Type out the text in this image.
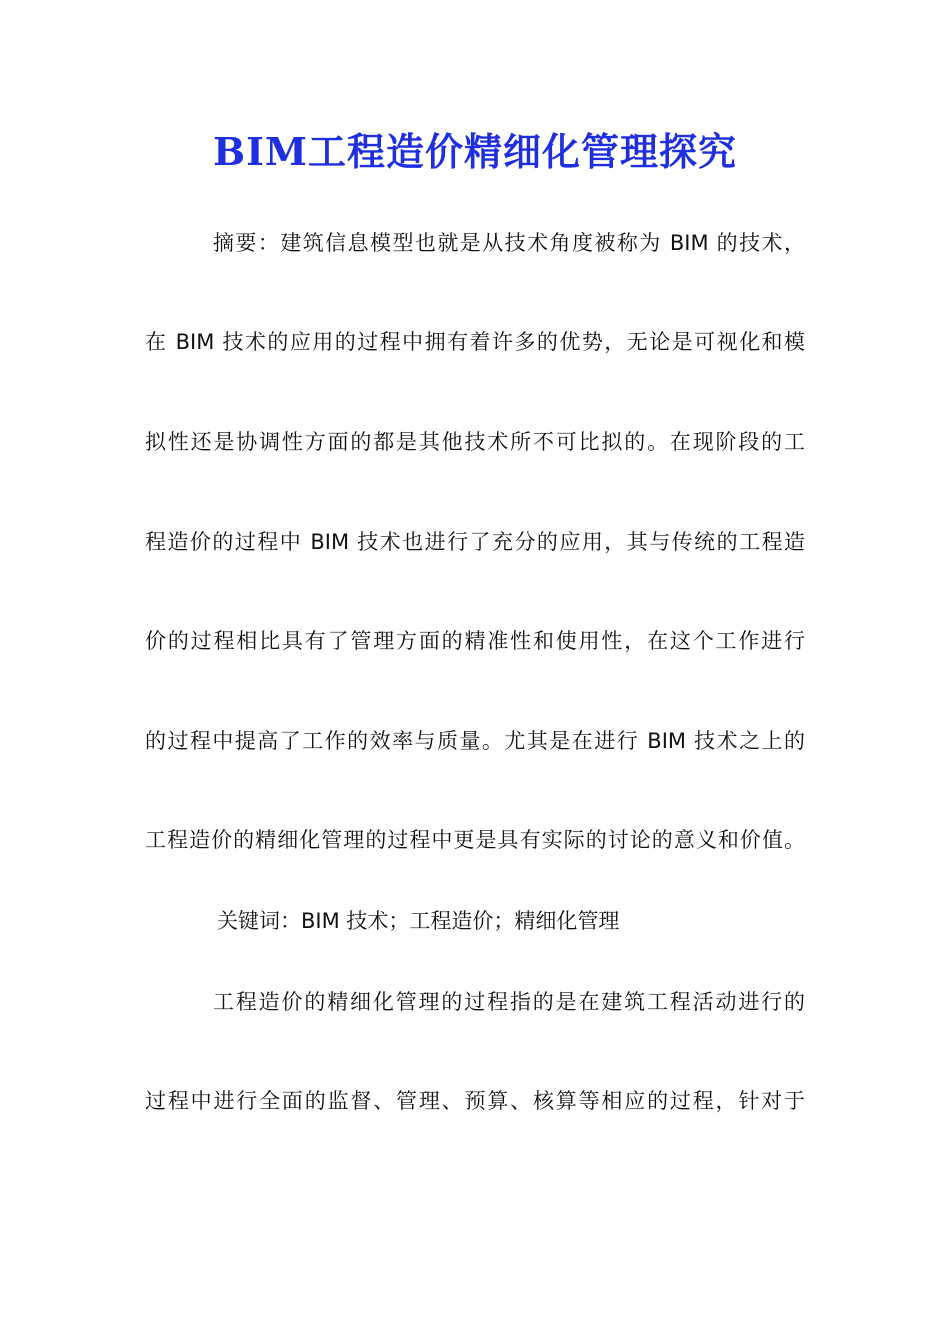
BIM工程造价精细化管理探究
摘要：建筑信息模型也就是从技术角度被称为 BIM 的技术，
在 BIM 技术的应用的过程中拥有着许多的优势，无论是可视化和模
拟性还是协调性方面的都是其他技术所不可比拟的。在现阶段的工
程造价的过程中 BIM 技术也进行了充分的应用，其与传统的工程造
价的过程相比具有了管理方面的精准性和使用性，在这个工作进行
的过程中提高了工作的效率与质量。尤其是在进行 BIM 技术之上的
工程造价的精细化管理的过程中更是具有实际的讨论的意义和价值。
关键词：BIM 技术；工程造价；精细化管理
工程造价的精细化管理的过程指的是在建筑工程活动进行的
过程中进行全面的监督、管理、预算、核算等相应的过程，针对于
